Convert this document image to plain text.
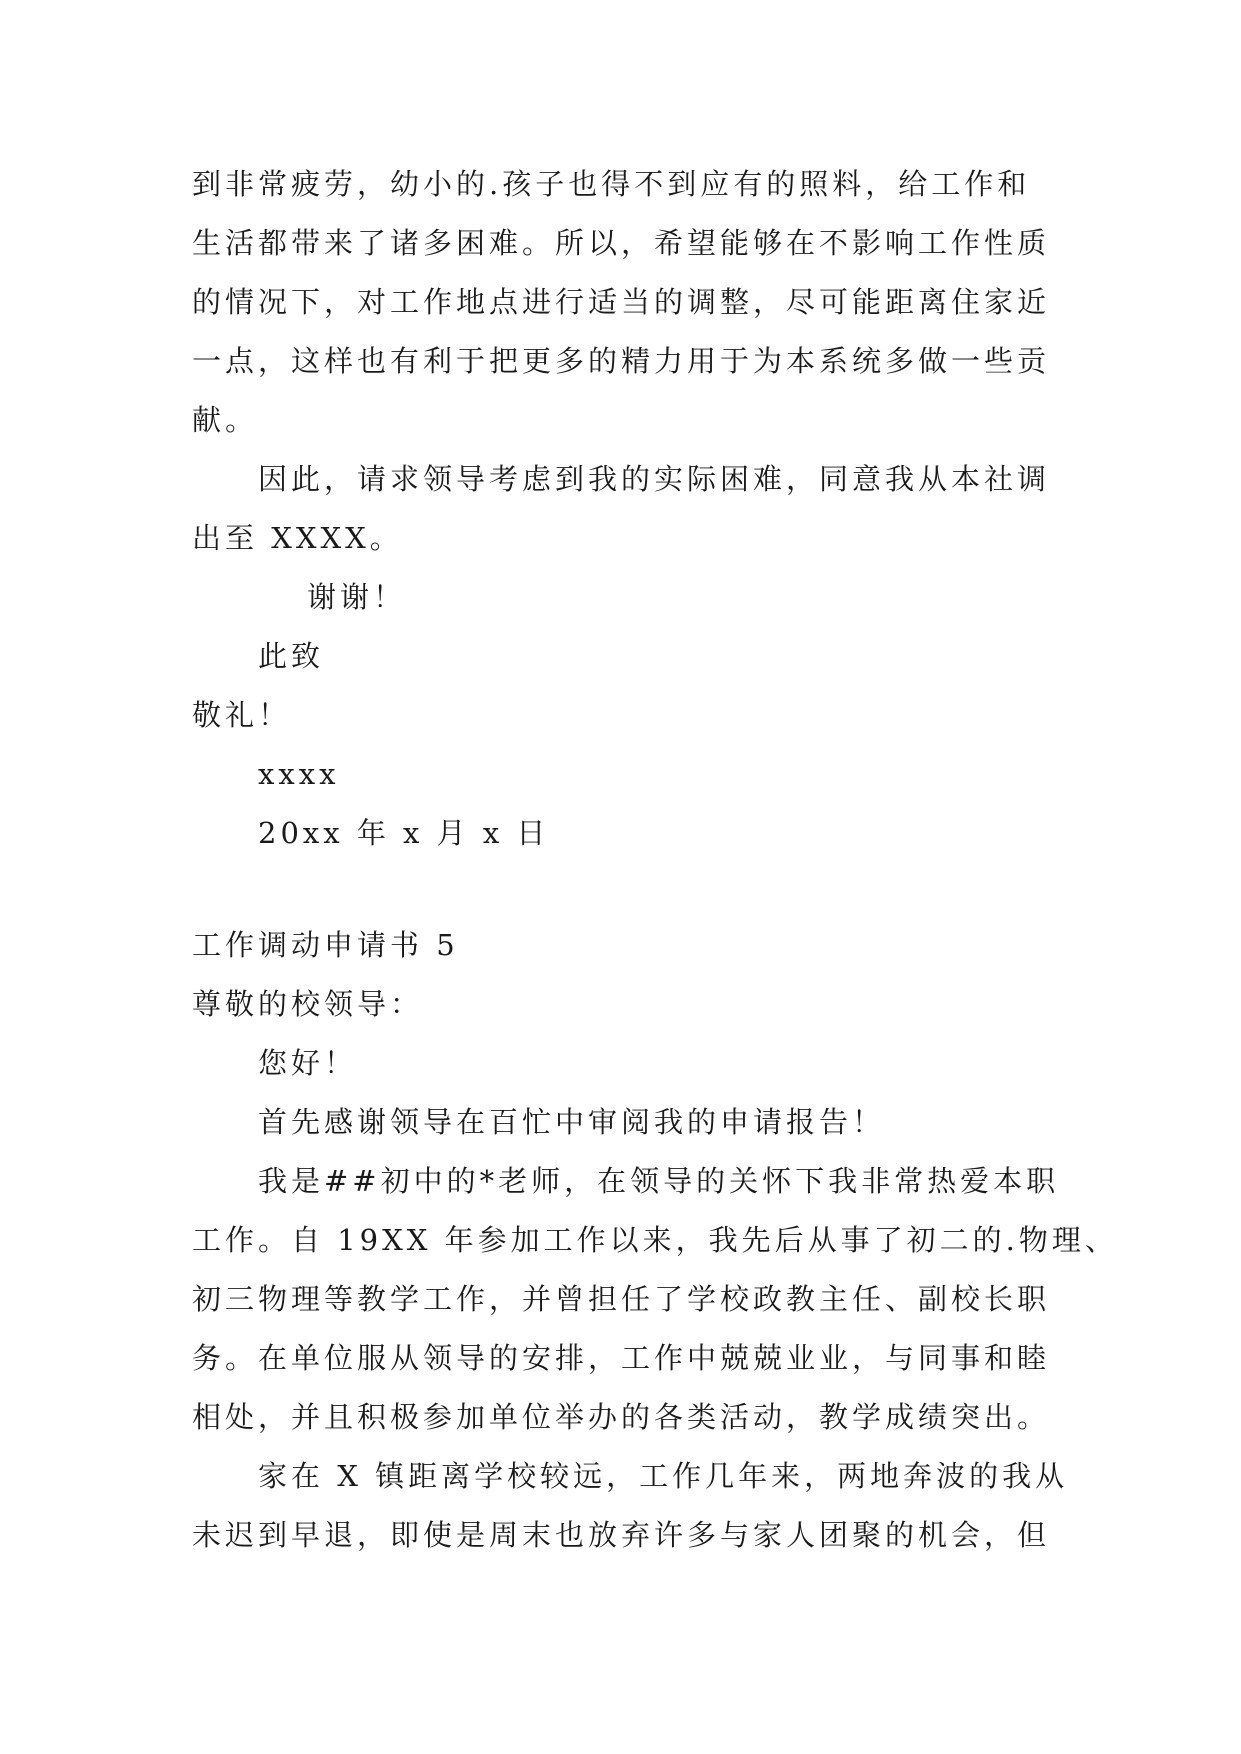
到非常疲劳，幼小的.孩子也得不到应有的照料，给工作和
生活都带来了诸多困难。所以，希望能够在不影响工作性质
的情况下，对工作地点进行适当的调整，尽可能距离住家近
一点，这样也有利于把更多的精力用于为本系统多做一些贡
献。
因此，请求领导考虑到我的实际困难，同意我从本社调
出至 XXXX。
谢谢！
此致
敬礼！
xxxx
20xx 年 x 月 x 日
工作调动申请书 5
尊敬的校领导：
您好！
首先感谢领导在百忙中审阅我的申请报告！
我是##初中的*老师，在领导的关怀下我非常热爱本职
工作。自 19XX 年参加工作以来，我先后从事了初二的.物理、
初三物理等教学工作，并曾担任了学校政教主任、副校长职
务。在单位服从领导的安排，工作中兢兢业业，与同事和睦
相处，并且积极参加单位举办的各类活动，教学成绩突出。
家在 X 镇距离学校较远，工作几年来，两地奔波的我从
未迟到早退，即使是周末也放弃许多与家人团聚的机会，但
